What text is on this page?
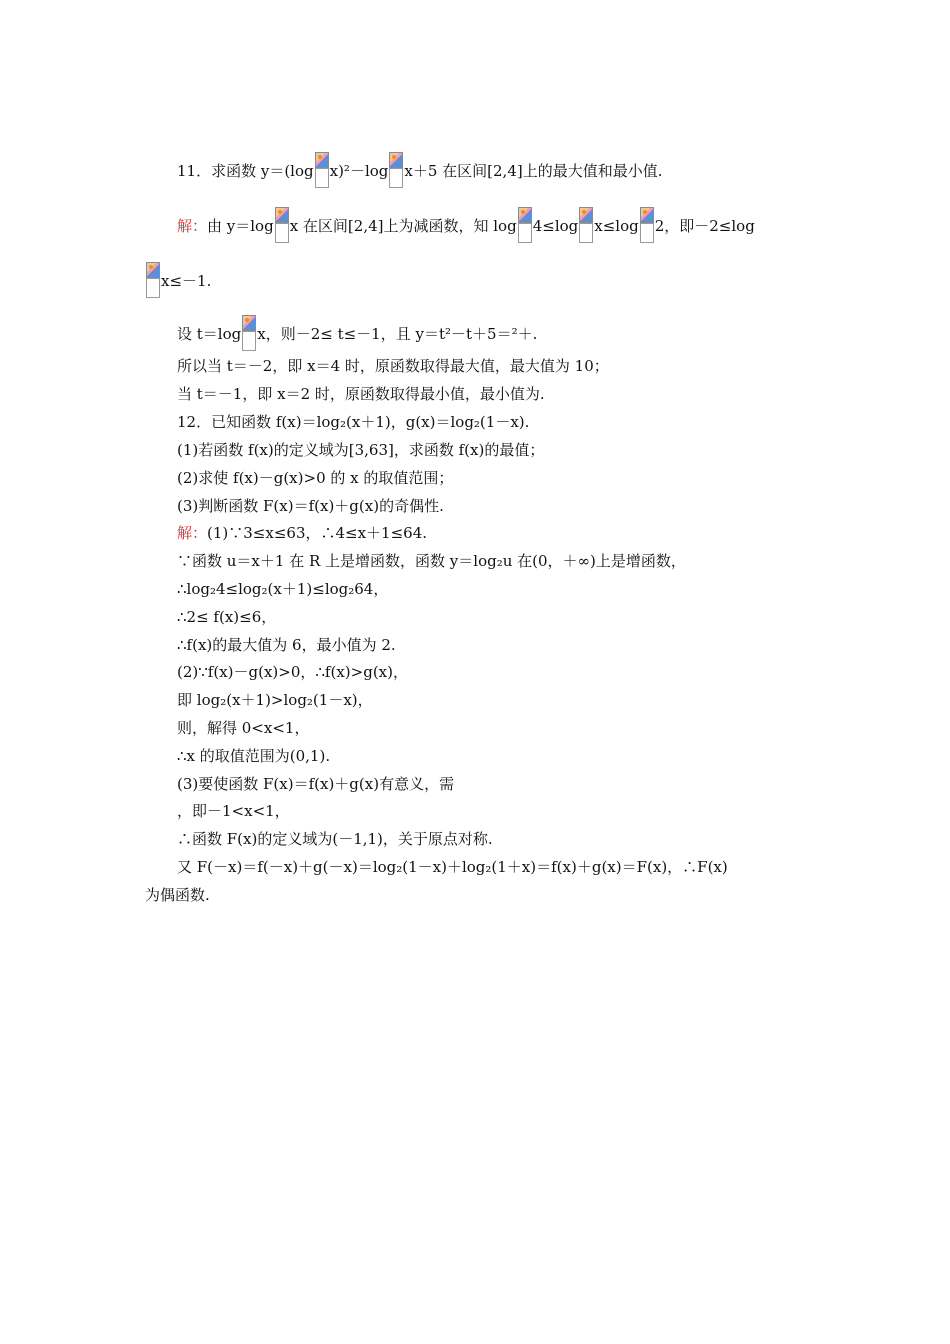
11．求函数 y＝(log x)²－log x＋5 在区间[2,4]上的最大值和最小值.
解：由 y＝log x 在区间[2,4]上为减函数，知 log 4≤log x≤log 2，即－2≤log
x≤－1.
设 t＝log x，则－2≤ t≤－1，且 y＝t²－t＋5＝²＋.
所以当 t＝－2，即 x＝4 时，原函数取得最大值，最大值为 10；
当 t＝－1，即 x＝2 时，原函数取得最小值，最小值为.
12．已知函数 f(x)＝log₂(x＋1)，g(x)＝log₂(1－x).
(1)若函数 f(x)的定义域为[3,63]，求函数 f(x)的最值；
(2)求使 f(x)－g(x)>0 的 x 的取值范围；
(3)判断函数 F(x)＝f(x)＋g(x)的奇偶性.
解：(1)∵3≤x≤63，∴4≤x＋1≤64.
∵函数 u＝x＋1 在 R 上是增函数，函数 y＝log₂u 在(0，＋∞)上是增函数，
∴log₂4≤log₂(x＋1)≤log₂64，
∴2≤ f(x)≤6，
∴f(x)的最大值为 6，最小值为 2.
(2)∵f(x)－g(x)>0，∴f(x)>g(x)，
即 log₂(x＋1)>log₂(1－x)，
则，解得 0<x<1，
∴x 的取值范围为(0,1).
(3)要使函数 F(x)＝f(x)＋g(x)有意义，需
，即－1<x<1，
∴函数 F(x)的定义域为(－1,1)，关于原点对称.
又 F(－x)＝f(－x)＋g(－x)＝log₂(1－x)＋log₂(1＋x)＝f(x)＋g(x)＝F(x)，∴F(x)
为偶函数.
